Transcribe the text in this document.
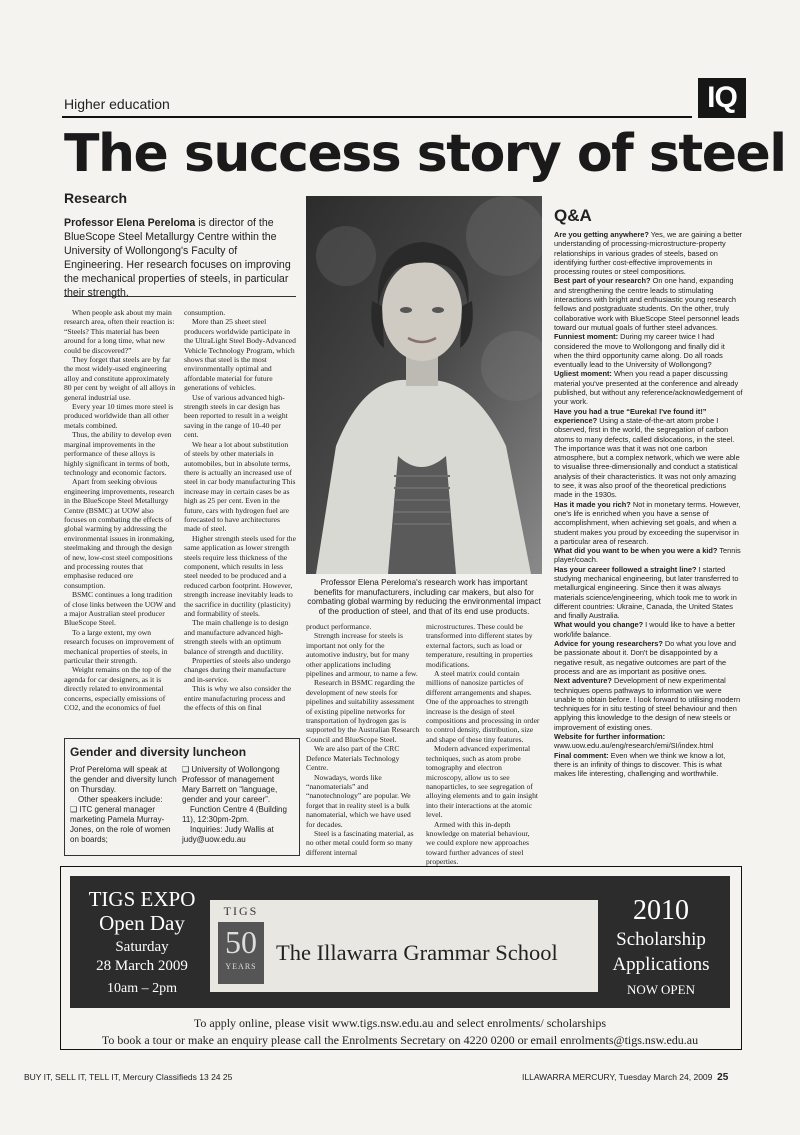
Higher education	IQ
The success story of steel
Research
Professor Elena Pereloma is director of the BlueScope Steel Metallurgy Centre within the University of Wollongong's Faculty of Engineering. Her research focuses on improving the mechanical properties of steels, in particular their strength.

When people ask about my main research area, often their reaction is: “Steels? This material has been around for a long time, what new could be discovered?”

They forget that steels are by far the most widely-used engineering alloy and constitute approximately 80 per cent by weight of all alloys in general industrial use.

Every year 10 times more steel is produced worldwide than all other metals combined.

Thus, the ability to develop even marginal improvements in the performance of these alloys is highly significant in terms of both, technology and economic factors.

Apart from seeking obvious engineering improvements, research in the BlueScope Steel Metallurgy Centre (BSMC) at UOW also focuses on combating the effects of global warming by addressing the environmental issues in ironmaking, steelmaking and through the design of new, low-cost steel compositions and processing routes that emphasise reduced ore consumption.

BSMC continues a long tradition of close links between the UOW and a major Australian steel producer BlueScope Steel.

To a large extent, my own research focuses on improvement of mechanical properties of steels, in particular their strength.

Weight remains on the top of the agenda for car designers, as it is directly related to environmental concerns, especially emissions of CO2, and the economics of fuel

consumption.

More than 25 sheet steel producers worldwide participate in the UltraLight Steel Body-Advanced Vehicle Technology Program, which shows that steel is the most environmentally optimal and affordable material for future generations of vehicles.

Use of various advanced high-strength steels in car design has been reported to result in a weight saving in the range of 10-40 per cent.

We hear a lot about substitution of steels by other materials in automobiles, but in absolute terms, there is actually an increased use of steel in car body manufacturing This increase may in certain cases be as high as 25 per cent. Even in the future, cars with hydrogen fuel are forecasted to have architectures made of steel.

Higher strength steels used for the same application as lower strength steels require less thickness of the component, which results in less steel needed to be produced and a reduced carbon footprint. However, strength increase inevitably leads to the sacrifice in ductility (plasticity) and formability of steels.

The main challenge is to design and manufacture advanced high-strength steels with an optimum balance of strength and ductility.

Properties of steels also undergo changes during their manufacture and in-service.

This is why we also consider the entire manufacturing process and the effects of this on final

Professor Elena Pereloma's research work has important benefits for manufacturers, including car makers, but also for combating global warming by reducing the environmental impact of the production of steel, and that of its end use products.

product performance.

Strength increase for steels is important not only for the automotive industry, but for many other applications including pipelines and armour, to name a few.

Research in BSMC regarding the development of new steels for pipelines and suitability assessment of existing pipeline networks for transportation of hydrogen gas is supported by the Australian Research Council and BlueScope Steel.

We are also part of the CRC Defence Materials Technology Centre.

Nowadays, words like “nanomaterials” and “nanotechnology” are popular. We forget that in reality steel is a bulk nanomaterial, which we have used for decades.

Steel is a fascinating material, as no other metal could form so many different internal

microstructures. These could be transformed into different states by external factors, such as load or temperature, resulting in properties modifications.

A steel matrix could contain millions of nanosize particles of different arrangements and shapes. One of the approaches to strength increase is the design of steel compositions and processing in order to control density, distribution, size and shape of these tiny features.

Modern advanced experimental techniques, such as atom probe tomography and electron microscopy, allow us to see nanoparticles, to see segregation of alloying elements and to gain insight into their interactions at the atomic level.

Armed with this in-depth knowledge on material behaviour, we could explore new approaches toward further advances of steel properties.

Q&A

Are you getting anywhere? Yes, we are gaining a better understanding of processing-microstructure-property relationships in various grades of steels, based on identifying further cost-effective improvements in processing routes or steel compositions.

Best part of your research? On one hand, expanding and strengthening the centre leads to stimulating interactions with bright and enthusiastic young research fellows and postgraduate students. On the other, truly collaborative work with BlueScope Steel personnel leads toward our mutual goals of further steel advances.

Funniest moment: During my career twice I had considered the move to Wollongong and finally did it when the third opportunity came along. Do all roads eventually lead to the University of Wollongong?

Ugliest moment: When you read a paper discussing material you've presented at the conference and already published, but without any reference/acknowledgement of your work.

Have you had a true “Eureka! I've found it!” experience? Using a state-of-the-art atom probe I observed, first in the world, the segregation of carbon atoms to many defects, called dislocations, in the steel. The importance was that it was not one carbon atmosphere, but a complex network, which we were able to visualise three-dimensionally and conduct a statistical analysis of their characteristics. It was not only amazing to see, it was also proof of the theoretical predictions made in the 1930s.

Has it made you rich? Not in monetary terms. However, one's life is enriched when you have a sense of accomplishment, when achieving set goals, and when a student makes you proud by exceeding the supervisor in a particular area of research.

What did you want to be when you were a kid? Tennis player/coach.

Has your career followed a straight line? I started studying mechanical engineering, but later transferred to metallurgical engineering. Since then it was always materials science/engineering, which took me to work in different countries: Ukraine, Canada, the United States and finally Australia.

What would you change? I would like to have a better work/life balance.

Advice for young researchers? Do what you love and be passionate about it. Don't be disappointed by a negative result, as negative outcomes are part of the process and are as important as positive ones.

Next adventure? Development of new experimental techniques opens pathways to information we were unable to obtain before. I look forward to utilising modern techniques for in situ testing of steel behaviour and then applying this knowledge to the design of new steels or improvement of existing ones.

Website for further information: www.uow.edu.au/eng/research/emi/SI/index.html

Final comment: Even when we think we know a lot, there is an infinity of things to discover. This is what makes life interesting, challenging and worthwhile.

Gender and diversity luncheon

Prof Pereloma will speak at the gender and diversity lunch on Thursday.

Other speakers include:

❑ ITC general manager marketing Pamela Murray-Jones, on the role of women on boards;

❑ University of Wollongong Professor of management Mary Barrett on “language, gender and your career”.

Function Centre 4 (Building 11), 12:30pm-2pm.

Inquiries: Judy Wallis at judy@uow.edu.au

TIGS EXPO
Open Day
Saturday
28 March 2009
10am – 2pm
TIGS
50
YEARS
The Illawarra Grammar School
2010
Scholarship
Applications
NOW OPEN
To apply online, please visit www.tigs.nsw.edu.au and select enrolments/ scholarships
To book a tour or make an enquiry please call the Enrolments Secretary on 4220 0200 or email enrolments@tigs.nsw.edu.au
BUY IT, SELL IT, TELL IT, Mercury Classifieds 13 24 25	ILLAWARRA MERCURY, Tuesday March 24, 2009 25
